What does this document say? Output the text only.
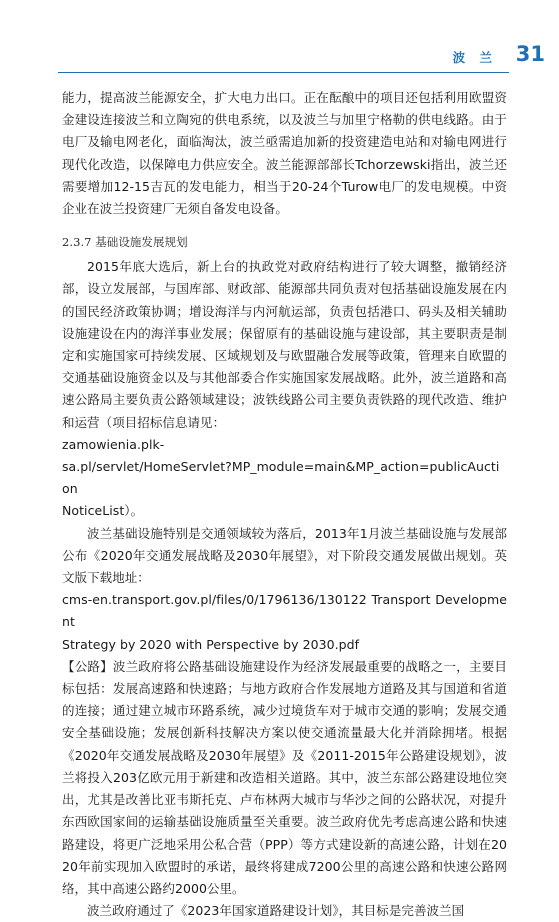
波 兰 31

能力，提高波兰能源安全，扩大电力出口。正在酝酿中的项目还包括利用欧盟资金建设连接波兰和立陶宛的供电系统，以及波兰与加里宁格勒的供电线路。由于电厂及输电网老化，面临淘汰，波兰亟需追加新的投资建造电站和对输电网进行现代化改造，以保障电力供应安全。波兰能源部部长Tchorzewski指出，波兰还需要增加12-15吉瓦的发电能力，相当于20-24个Turow电厂的发电规模。中资企业在波兰投资建厂无须自备发电设备。

2.3.7 基础设施发展规划

2015年底大选后，新上台的执政党对政府结构进行了较大调整，撤销经济部，设立发展部，与国库部、财政部、能源部共同负责对包括基础设施发展在内的国民经济政策协调；增设海洋与内河航运部，负责包括港口、码头及相关辅助设施建设在内的海洋事业发展；保留原有的基础设施与建设部，其主要职责是制定和实施国家可持续发展、区域规划及与欧盟融合发展等政策，管理来自欧盟的交通基础设施资金以及与其他部委合作实施国家发展战略。此外，波兰道路和高速公路局主要负责公路领域建设；波铁线路公司主要负责铁路的现代改造、维护和运营（项目招标信息请见：

zamowienia.plk-

sa.pl/servlet/HomeServlet?MP_module=main&MP_action=publicAuction

NoticeList）。

波兰基础设施特别是交通领域较为落后，2013年1月波兰基础设施与发展部公布《2020年交通发展战略及2030年展望》，对下阶段交通发展做出规划。英文版下载地址：

cms-en.transport.gov.pl/files/0/1796136/130122 Transport Development

Strategy by 2020 with Perspective by 2030.pdf

【公路】波兰政府将公路基础设施建设作为经济发展最重要的战略之一，主要目标包括：发展高速路和快速路；与地方政府合作发展地方道路及其与国道和省道的连接；通过建立城市环路系统，减少过境货车对于城市交通的影响；发展交通安全基础设施；发展创新科技解决方案以使交通流量最大化并消除拥堵。根据《2020年交通发展战略及2030年展望》及《2011-2015年公路建设规划》，波兰将投入203亿欧元用于新建和改造相关道路。其中，波兰东部公路建设地位突出，尤其是改善比亚韦斯托克、卢布林两大城市与华沙之间的公路状况，对提升东西欧国家间的运输基础设施质量至关重要。波兰政府优先考虑高速公路和快速路建设，将更广泛地采用公私合营（PPP）等方式建设新的高速公路，计划在2020年前实现加入欧盟时的承诺，最终将建成7200公里的高速公路和快速公路网络，其中高速公路约2000公里。

波兰政府通过了《2023年国家道路建设计划》，其目标是完善波兰国
